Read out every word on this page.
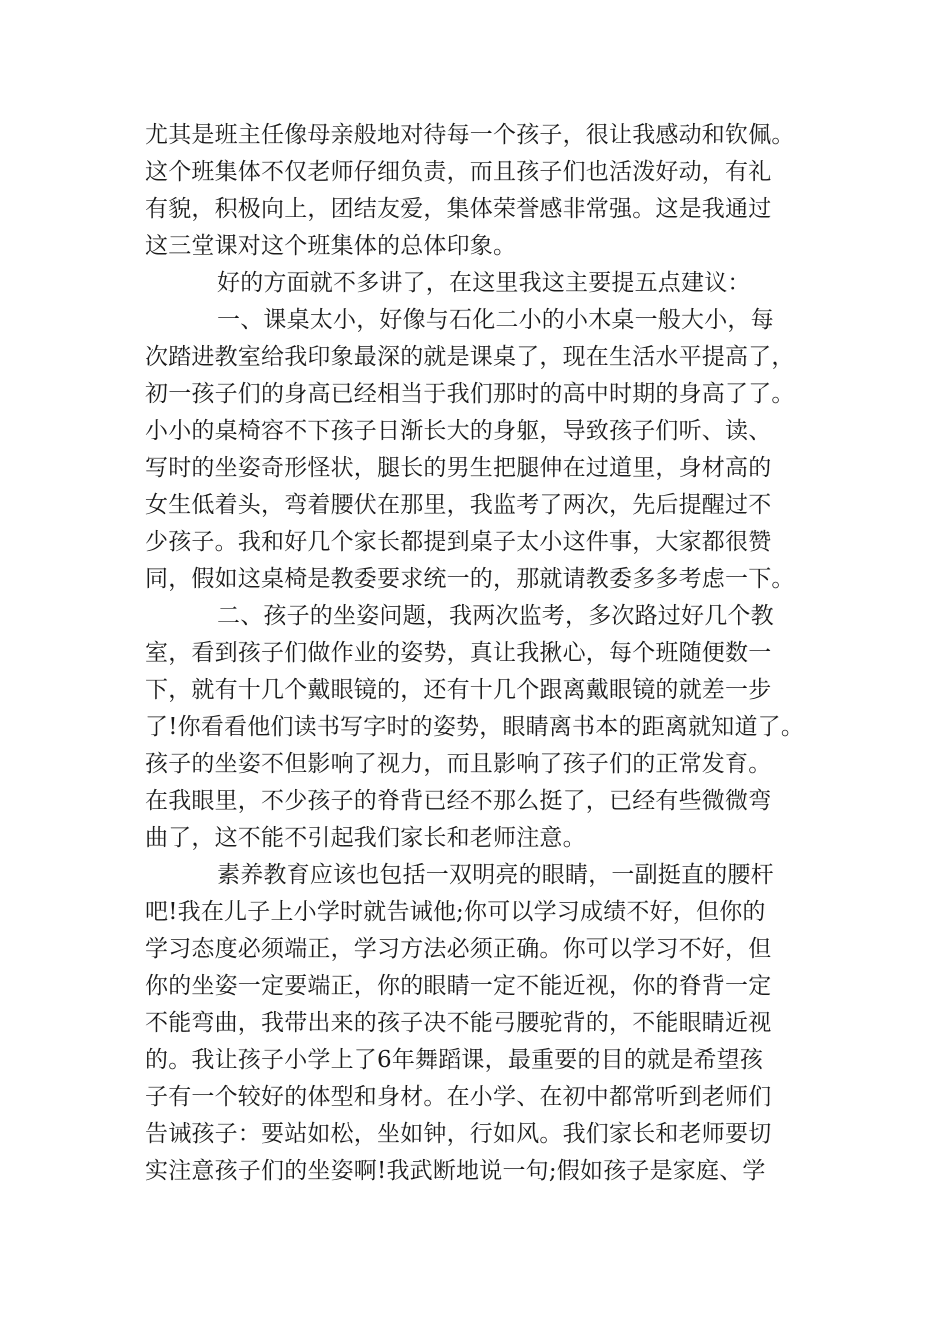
尤其是班主任像母亲般地对待每一个孩子，很让我感动和钦佩。
这个班集体不仅老师仔细负责，而且孩子们也活泼好动，有礼
有貌，积极向上，团结友爱，集体荣誉感非常强。这是我通过
这三堂课对这个班集体的总体印象。
好的方面就不多讲了，在这里我这主要提五点建议：
一、课桌太小，好像与石化二小的小木桌一般大小，每
次踏进教室给我印象最深的就是课桌了，现在生活水平提高了，
初一孩子们的身高已经相当于我们那时的高中时期的身高了了。
小小的桌椅容不下孩子日渐长大的身躯，导致孩子们听、读、
写时的坐姿奇形怪状，腿长的男生把腿伸在过道里，身材高的
女生低着头，弯着腰伏在那里，我监考了两次，先后提醒过不
少孩子。我和好几个家长都提到桌子太小这件事，大家都很赞
同，假如这桌椅是教委要求统一的，那就请教委多多考虑一下。
二、孩子的坐姿问题，我两次监考，多次路过好几个教
室，看到孩子们做作业的姿势，真让我揪心，每个班随便数一
下，就有十几个戴眼镜的，还有十几个跟离戴眼镜的就差一步
了!你看看他们读书写字时的姿势，眼睛离书本的距离就知道了。
孩子的坐姿不但影响了视力，而且影响了孩子们的正常发育。
在我眼里，不少孩子的脊背已经不那么挺了，已经有些微微弯
曲了，这不能不引起我们家长和老师注意。
素养教育应该也包括一双明亮的眼睛，一副挺直的腰杆
吧!我在儿子上小学时就告诫他;你可以学习成绩不好，但你的
学习态度必须端正，学习方法必须正确。你可以学习不好，但
你的坐姿一定要端正，你的眼睛一定不能近视，你的脊背一定
不能弯曲，我带出来的孩子决不能弓腰驼背的，不能眼睛近视
的。我让孩子小学上了6年舞蹈课，最重要的目的就是希望孩
子有一个较好的体型和身材。在小学、在初中都常听到老师们
告诫孩子：要站如松，坐如钟，行如风。我们家长和老师要切
实注意孩子们的坐姿啊!我武断地说一句;假如孩子是家庭、学
